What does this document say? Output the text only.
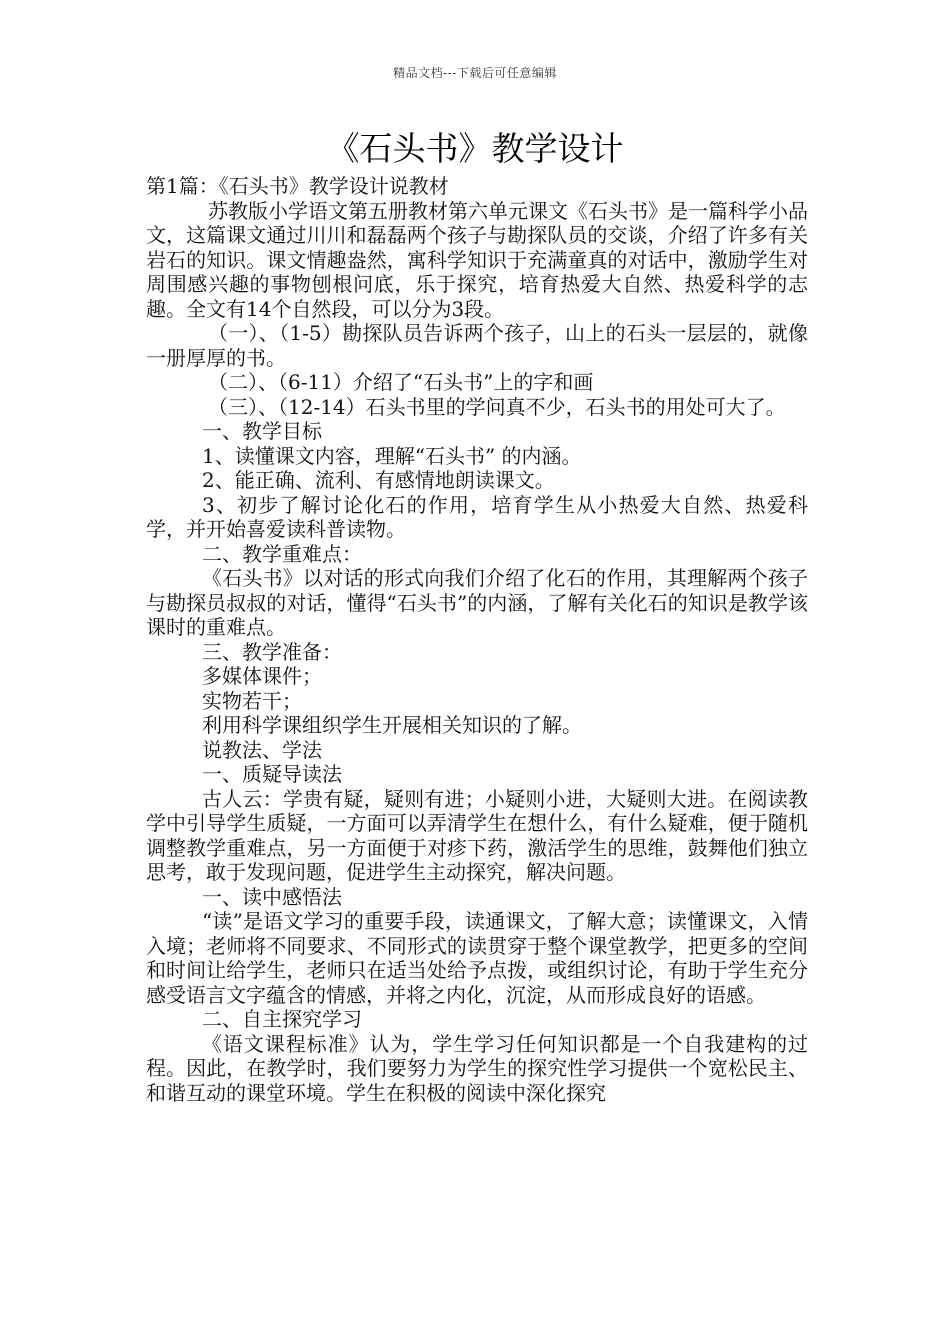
精品文档---下载后可任意编辑
《石头书》教学设计

第1篇：《石头书》教学设计说教材

苏教版小学语文第五册教材第六单元课文《石头书》是一篇科学小品文，这篇课文通过川川和磊磊两个孩子与勘探队员的交谈，介绍了许多有关岩石的知识。课文情趣盎然，寓科学知识于充满童真的对话中，激励学生对周围感兴趣的事物刨根问底，乐于探究，培育热爱大自然、热爱科学的志趣。全文有14个自然段，可以分为3段。

（一）、（1-5）勘探队员告诉两个孩子，山上的石头一层层的，就像一册厚厚的书。

（二）、（6-11）介绍了“石头书”上的字和画

（三）、（12-14）石头书里的学问真不少，石头书的用处可大了。

一、教学目标

1、读懂课文内容，理解“石头书” 的内涵。

2、能正确、流利、有感情地朗读课文。

3、初步了解讨论化石的作用，培育学生从小热爱大自然、热爱科学，并开始喜爱读科普读物。

二、教学重难点：

《石头书》以对话的形式向我们介绍了化石的作用，其理解两个孩子与勘探员叔叔的对话，懂得“石头书”的内涵，了解有关化石的知识是教学该课时的重难点。

三、教学准备：

多媒体课件；

实物若干；

利用科学课组织学生开展相关知识的了解。

说教法、学法

一、质疑导读法

古人云：学贵有疑，疑则有进；小疑则小进，大疑则大进。在阅读教学中引导学生质疑，一方面可以弄清学生在想什么，有什么疑难，便于随机调整教学重难点，另一方面便于对疹下药，激活学生的思维，鼓舞他们独立思考，敢于发现问题，促进学生主动探究，解决问题。

一、读中感悟法

“读”是语文学习的重要手段，读通课文，了解大意；读懂课文，入情入境；老师将不同要求、不同形式的读贯穿于整个课堂教学，把更多的空间和时间让给学生，老师只在适当处给予点拨，或组织讨论，有助于学生充分感受语言文字蕴含的情感，并将之内化，沉淀，从而形成良好的语感。

二、自主探究学习

《语文课程标准》认为，学生学习任何知识都是一个自我建构的过程。因此，在教学时，我们要努力为学生的探究性学习提供一个宽松民主、和谐互动的课堂环境。学生在积极的阅读中深化探究
